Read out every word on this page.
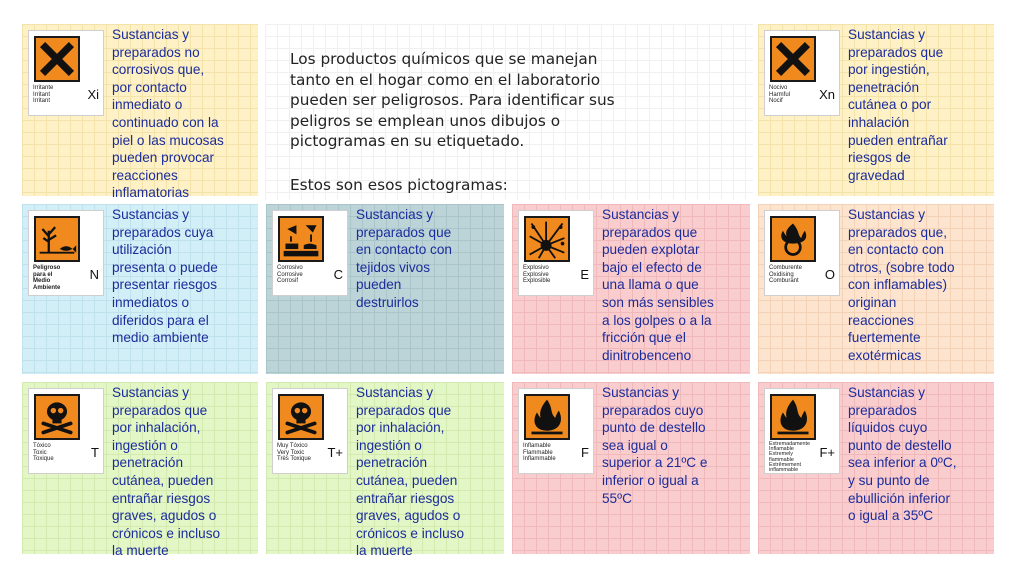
Los productos químicos que se manejan
tanto en el hogar como en el laboratorio
pueden ser peligrosos. Para identificar sus
peligros se emplean unos dibujos o
pictogramas en su etiquetado.
Estos son esos pictogramas:
Irritante
Irritant
Irritant	Xi
Sustancias y
preparados no
corrosivos que,
por contacto
inmediato o
continuado con la
piel o las mucosas
pueden provocar
reacciones
inflamatorias
Nocivo
Harmful
Nocif	Xn
Sustancias y
preparados que
por ingestión,
penetración
cutánea o por
inhalación
pueden entrañar
riesgos de
gravedad
Peligroso
para el
Medio
Ambiente
N
Sustancias y
preparados cuya
utilización
presenta o puede
presentar riesgos
inmediatos o
diferidos para el
medio ambiente
Corrosivo
Corrosive
Corrosif	C
Sustancias y
preparados que
en contacto con
tejidos vivos
pueden
destruirlos
Explosivo
Explosive
Explosible	E
Sustancias y
preparados que
pueden explotar
bajo el efecto de
una llama o que
son más sensibles
a los golpes o a la
fricción que el
dinitrobenceno
Comburente
Oxidising
Comburant	O
Sustancias y
preparados que,
en contacto con
otros, (sobre todo
con inflamables)
originan
reacciones
fuertemente
exotérmicas
Tóxico
Toxic
Toxique	T
Sustancias y
preparados que
por inhalación,
ingestión o
penetración
cutánea, pueden
entrañar riesgos
graves, agudos o
crónicos e incluso
la muerte
Muy Tóxico
Very Toxic
Très Toxique	T+
Sustancias y
preparados que
por inhalación,
ingestión o
penetración
cutánea, pueden
entrañar riesgos
graves, agudos o
crónicos e incluso
la muerte
Inflamable
Flammable
Inflammable	F
Sustancias y
preparados cuyo
punto de destello
sea igual o
superior a 21ºC e
inferior o igual a
55ºC
Extremadamente
Inflamable
Extremely
flammable
Extrêmement
inflammable
F+
Sustancias y
preparados
líquidos cuyo
punto de destello
sea inferior a 0ºC,
y su punto de
ebullición inferior
o igual a 35ºC
